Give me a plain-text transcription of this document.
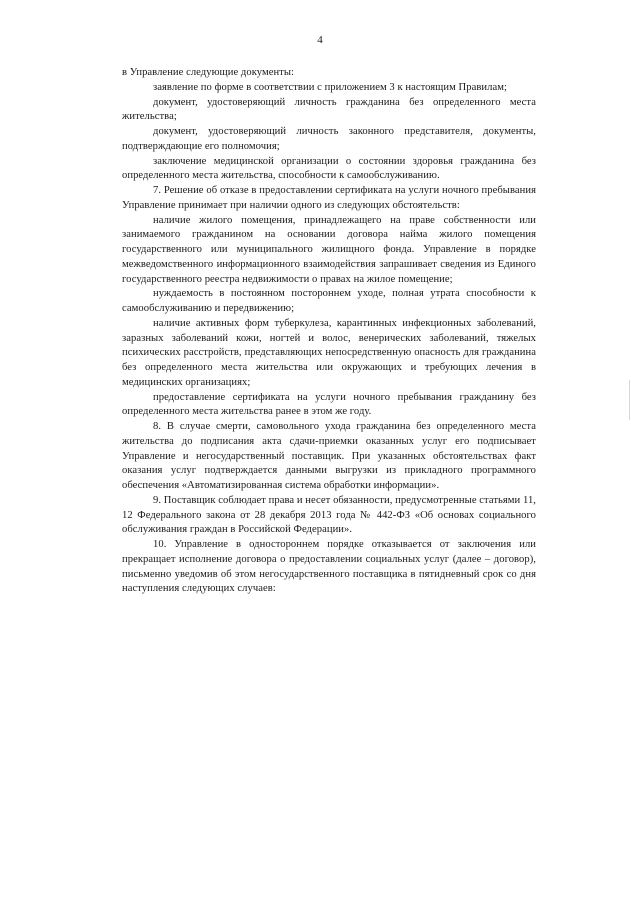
4

в Управление следующие документы:

заявление по форме в соответствии с приложением 3 к настоящим Правилам;

документ, удостоверяющий личность гражданина без определенного места жительства;

документ, удостоверяющий личность законного представителя, документы, подтверждающие его полномочия;

заключение медицинской организации о состоянии здоровья гражданина без определенного места жительства, способности к самообслуживанию.

7. Решение об отказе в предоставлении сертификата на услуги ночного пребывания Управление принимает при наличии одного из следующих обстоятельств:

наличие жилого помещения, принадлежащего на праве собственности или занимаемого гражданином на основании договора найма жилого помещения государственного или муниципального жилищного фонда. Управление в порядке межведомственного информационного взаимодействия запрашивает сведения из Единого государственного реестра недвижимости о правах на жилое помещение;

нуждаемость в постоянном постороннем уходе, полная утрата способности к самообслуживанию и передвижению;

наличие активных форм туберкулеза, карантинных инфекционных заболеваний, заразных заболеваний кожи, ногтей и волос, венерических заболеваний, тяжелых психических расстройств, представляющих непосредственную опасность для гражданина без определенного места жительства или окружающих и требующих лечения в медицинских организациях;

предоставление сертификата на услуги ночного пребывания гражданину без определенного места жительства ранее в этом же году.

8. В случае смерти, самовольного ухода гражданина без определенного места жительства до подписания акта сдачи-приемки оказанных услуг его подписывает Управление и негосударственный поставщик. При указанных обстоятельствах факт оказания услуг подтверждается данными выгрузки из прикладного программного обеспечения «Автоматизированная система обработки информации».

9. Поставщик соблюдает права и несет обязанности, предусмотренные статьями 11, 12 Федерального закона от 28 декабря 2013 года № 442-ФЗ «Об основах социального обслуживания граждан в Российской Федерации».

10. Управление в одностороннем порядке отказывается от заключения или прекращает исполнение договора о предоставлении социальных услуг (далее – договор), письменно уведомив об этом негосударственного поставщика в пятидневный срок со дня наступления следующих случаев:
